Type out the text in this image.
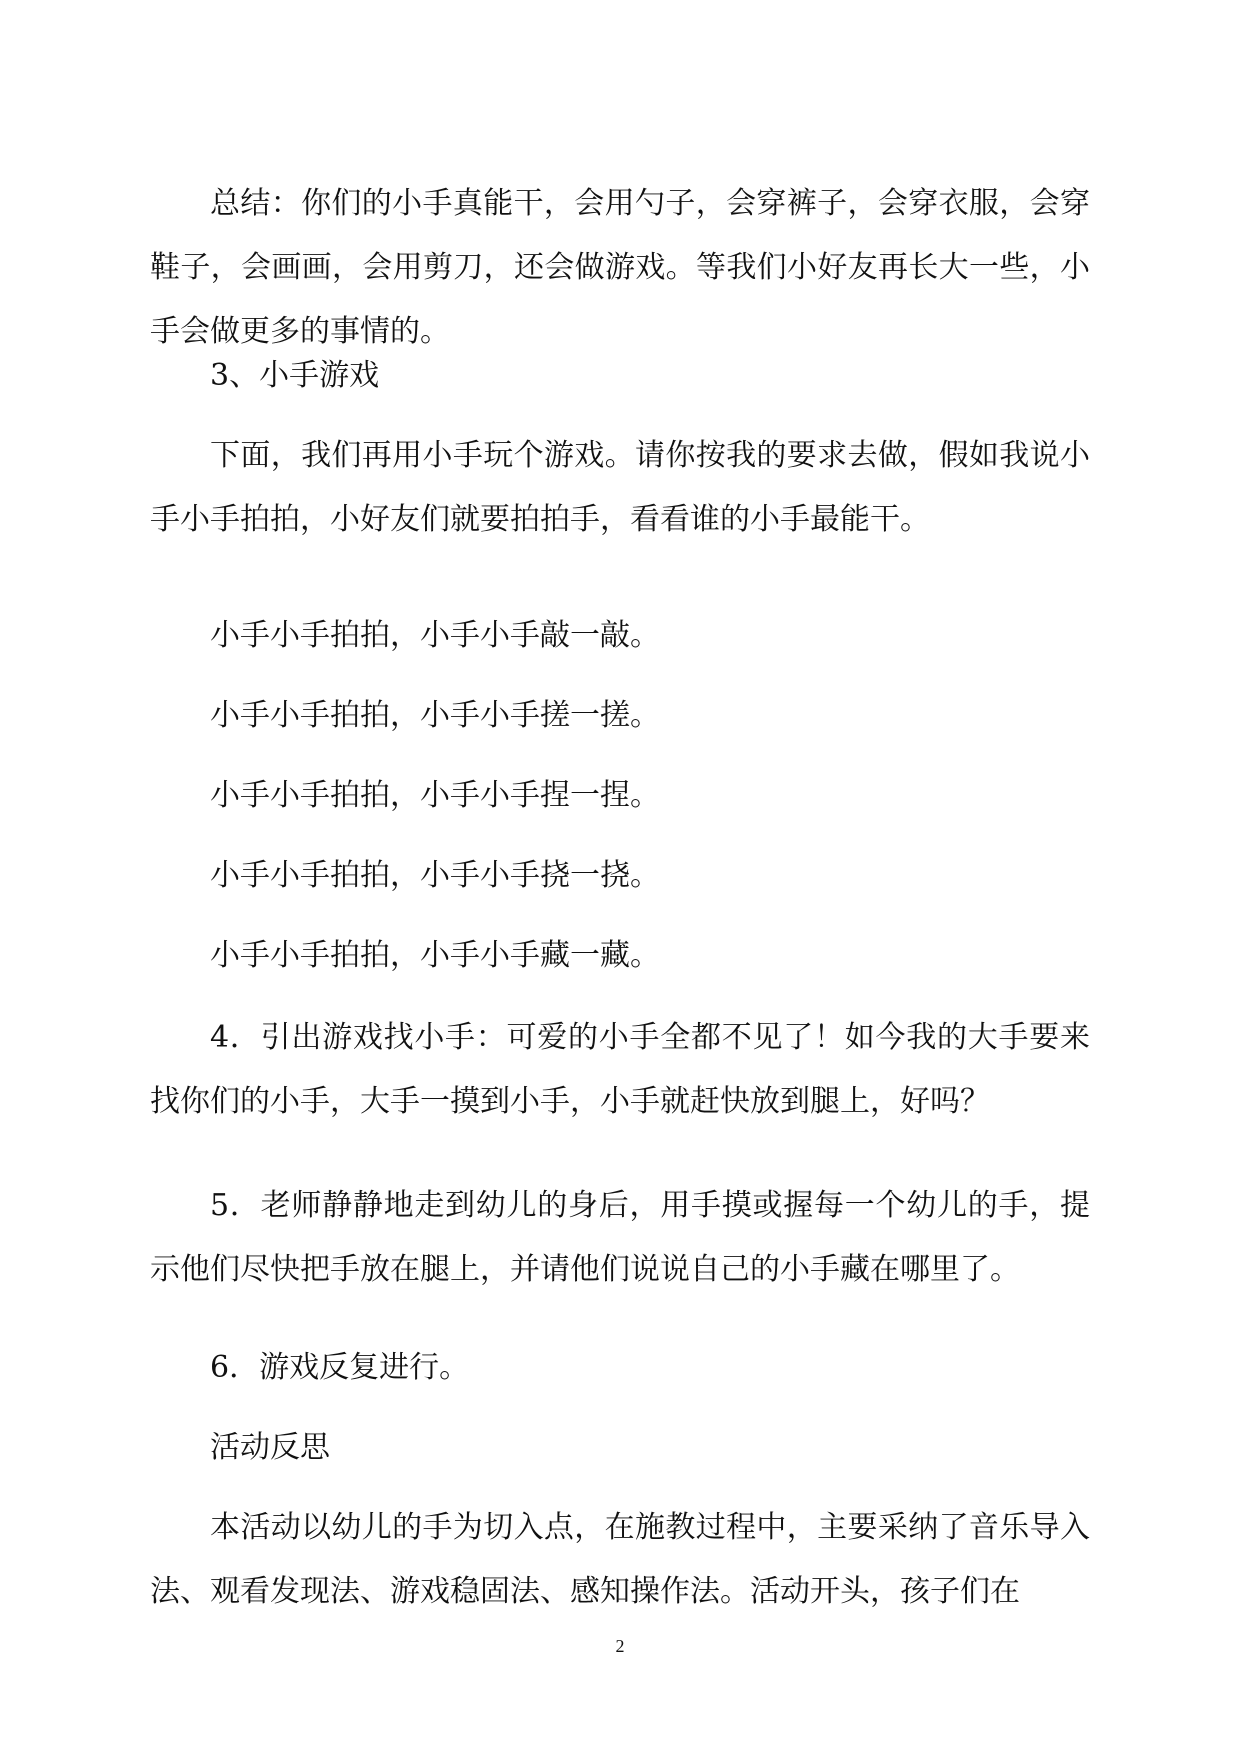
总结：你们的小手真能干，会用勺子，会穿裤子，会穿衣服，会穿鞋子，会画画，会用剪刀，还会做游戏。等我们小好友再长大一些，小手会做更多的事情的。

3、小手游戏

下面，我们再用小手玩个游戏。请你按我的要求去做，假如我说小手小手拍拍，小好友们就要拍拍手，看看谁的小手最能干。

小手小手拍拍，小手小手敲一敲。

小手小手拍拍，小手小手搓一搓。

小手小手拍拍，小手小手捏一捏。

小手小手拍拍，小手小手挠一挠。

小手小手拍拍，小手小手藏一藏。

4．引出游戏找小手：可爱的小手全都不见了！如今我的大手要来找你们的小手，大手一摸到小手，小手就赶快放到腿上，好吗？

5．老师静静地走到幼儿的身后，用手摸或握每一个幼儿的手，提示他们尽快把手放在腿上，并请他们说说自己的小手藏在哪里了。

6．游戏反复进行。

活动反思

本活动以幼儿的手为切入点，在施教过程中，主要采纳了音乐导入法、观看发现法、游戏稳固法、感知操作法。活动开头，孩子们在

2
